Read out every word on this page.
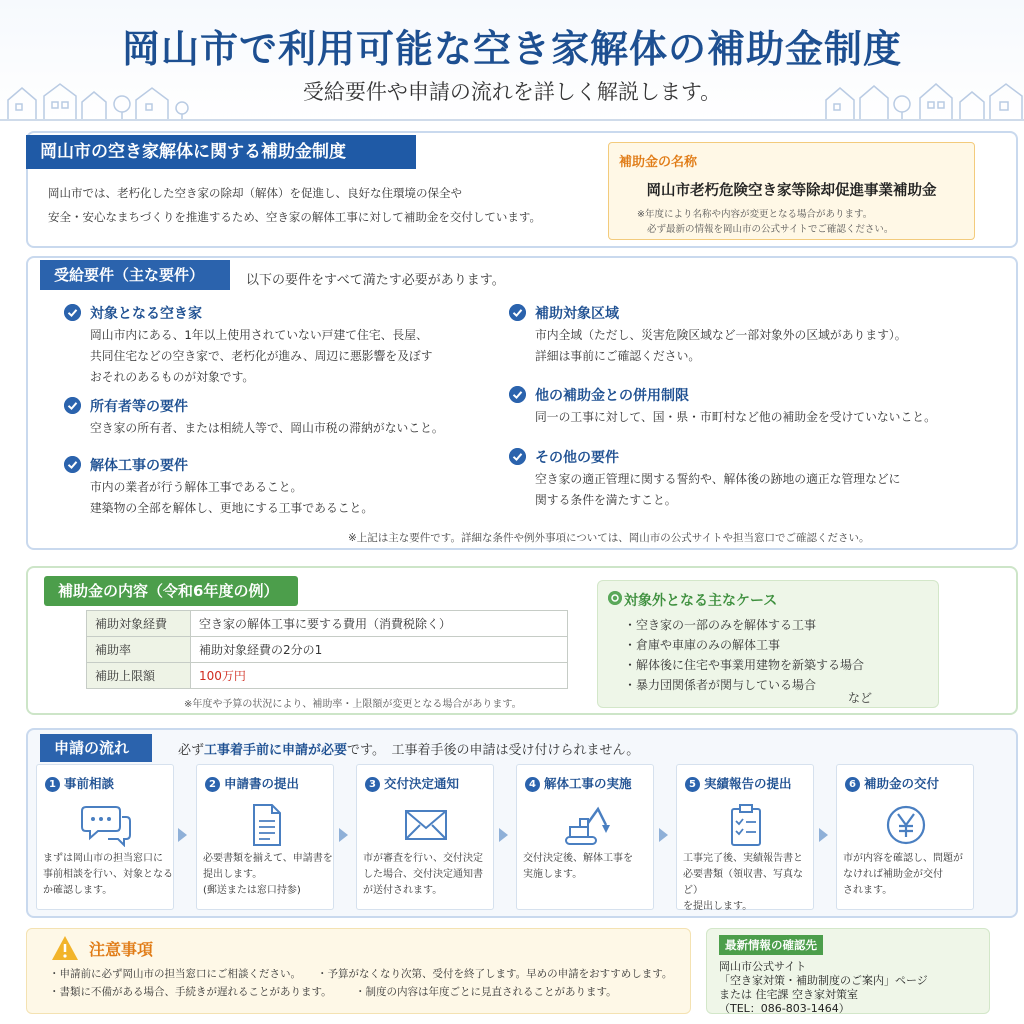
岡山市で利用可能な空き家解体の補助金制度
受給要件や申請の流れを詳しく解説します。
岡山市の空き家解体に関する補助金制度
岡山市では、老朽化した空き家の除却（解体）を促進し、良好な住環境の保全や
安全・安心なまちづくりを推進するため、空き家の解体工事に対して補助金を交付しています。
補助金の名称
岡山市老朽危険空き家等除却促進事業補助金
※年度により名称や内容が変更となる場合があります。
必ず最新の情報を岡山市の公式サイトでご確認ください。
受給要件（主な要件）	以下の要件をすべて満たす必要があります。
対象となる空き家
岡山市内にある、1年以上使用されていない戸建て住宅、長屋、
共同住宅などの空き家で、老朽化が進み、周辺に悪影響を及ぼす
おそれのあるものが対象です。
所有者等の要件
空き家の所有者、または相続人等で、岡山市税の滞納がないこと。
解体工事の要件
市内の業者が行う解体工事であること。
建築物の全部を解体し、更地にする工事であること。
補助対象区域
市内全域（ただし、災害危険区域など一部対象外の区域があります）。
詳細は事前にご確認ください。
他の補助金との併用制限
同一の工事に対して、国・県・市町村など他の補助金を受けていないこと。
その他の要件
空き家の適正管理に関する誓約や、解体後の跡地の適正な管理などに
関する条件を満たすこと。
※上記は主な要件です。詳細な条件や例外事項については、岡山市の公式サイトや担当窓口でご確認ください。
補助金の内容（令和6年度の例）
補助対象経費	空き家の解体工事に要する費用（消費税除く）
補助率	補助対象経費の2分の1
補助上限額	100万円
※年度や予算の状況により、補助率・上限額が変更となる場合があります。
対象外となる主なケース
・空き家の一部のみを解体する工事
・倉庫や車庫のみの解体工事
・解体後に住宅や事業用建物を新築する場合
・暴力団関係者が関与している場合
など
申請の流れ	必ず工事着手前に申請が必要です。　工事着手後の申請は受け付けられません。
1 事前相談
まずは岡山市の担当窓口に
事前相談を行い、対象となる
か確認します。
2 申請書の提出
必要書類を揃えて、申請書を
提出します。
(郵送または窓口持参)
3 交付決定通知
市が審査を行い、交付決定
した場合、交付決定通知書
が送付されます。
4 解体工事の実施
交付決定後、解体工事を
実施します。
5 実績報告の提出
工事完了後、実績報告書と
必要書類（領収書、写真など）
を提出します。
6 補助金の交付
市が内容を確認し、問題が
なければ補助金が交付
されます。
注意事項
・申請前に必ず岡山市の担当窓口にご相談ください。 ・予算がなくなり次第、受付を終了します。早めの申請をおすすめします。
・書類に不備がある場合、手続きが遅れることがあります。 ・制度の内容は年度ごとに見直されることがあります。
最新情報の確認先
岡山市公式サイト
「空き家対策・補助制度のご案内」ページ
または 住宅課 空き家対策室
（TEL：086-803-1464）
